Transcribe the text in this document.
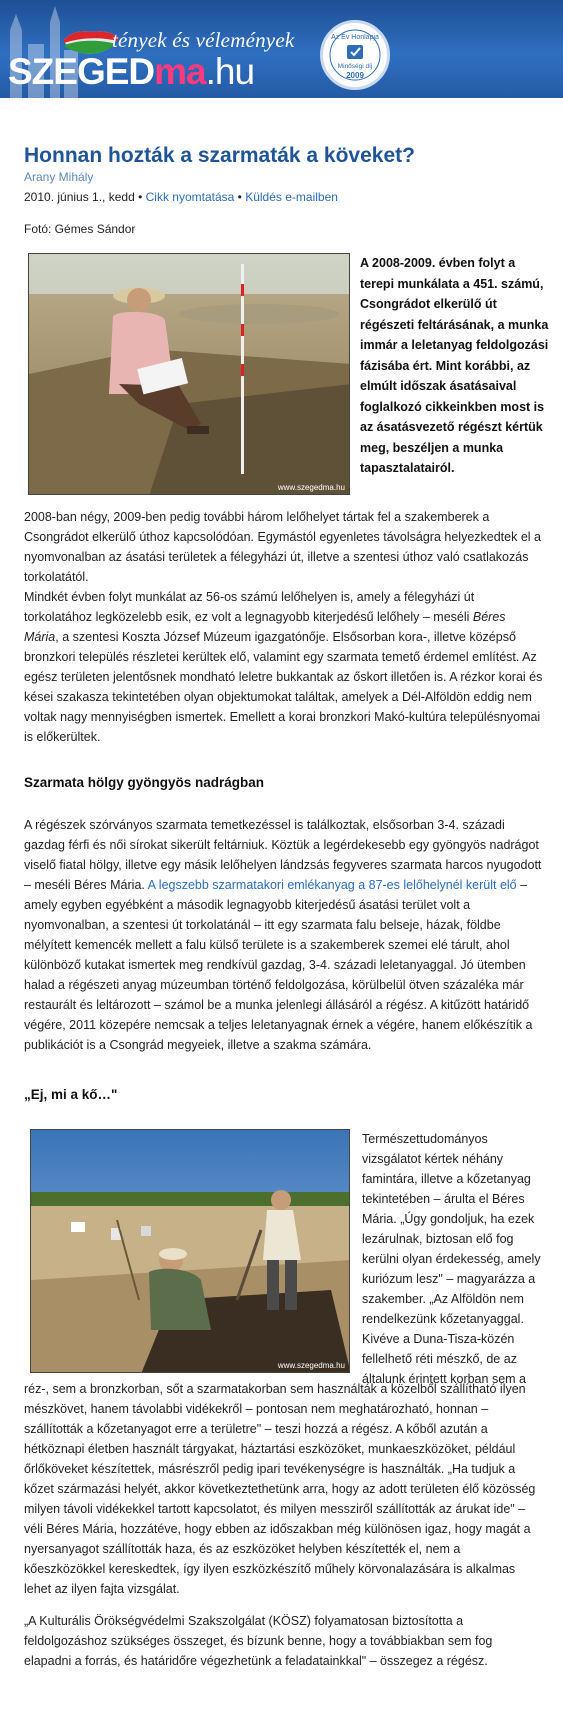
tények és vélemények
SZEGEDma.hu
Az Év Honlapja
Minőségi díj
2009
Honnan hozták a szarmaták a köveket?
Arany Mihály
2010. június 1., kedd • Cikk nyomtatása • Küldés e-mailben
Fotó: Gémes Sándor
www.szegedma.hu
A 2008-2009. évben folyt a terepi munkálata a 451. számú, Csongrádot elkerülő út régészeti feltárásának, a munka immár a leletanyag feldolgozási fázisába ért. Mint korábbi, az elmúlt időszak ásatásaival foglalkozó cikkeinkben most is az ásatásvezető régészt kértük meg, beszéljen a munka tapasztalatairól.
2008-ban négy, 2009-ben pedig további három lelőhelyet tártak fel a szakemberek a Csongrádot elkerülő úthoz kapcsolódóan. Egymástól egyenletes távolságra helyezkedtek el a nyomvonalban az ásatási területek a félegyházi út, illetve a szentesi úthoz való csatlakozás torkolatától.
Mindkét évben folyt munkálat az 56-os számú lelőhelyen is, amely a félegyházi út torkolatához legközelebb esik, ez volt a legnagyobb kiterjedésű lelőhely – meséli Béres Mária, a szentesi Koszta József Múzeum igazgatónője. Elsősorban kora-, illetve középső bronzkori település részletei kerültek elő, valamint egy szarmata temető érdemel említést. Az egész területen jelentősnek mondható leletre bukkantak az őskort illetően is. A rézkor korai és kései szakasza tekintetében olyan objektumokat találtak, amelyek a Dél-Alföldön eddig nem voltak nagy mennyiségben ismertek. Emellett a korai bronzkori Makó-kultúra településnyomai is előkerültek.
Szarmata hölgy gyöngyös nadrágban
A régészek szórványos szarmata temetkezéssel is találkoztak, elsősorban 3-4. századi gazdag férfi és női sírokat sikerült feltárniuk. Köztük a legérdekesebb egy gyöngyös nadrágot viselő fiatal hölgy, illetve egy másik lelőhelyen lándzsás fegyveres szarmata harcos nyugodott – meséli Béres Mária. A legszebb szarmatakori emlékanyag a 87-es lelőhelynél került elő – amely egyben egyébként a második legnagyobb kiterjedésű ásatási terület volt a nyomvonalban, a szentesi út torkolatánál – itt egy szarmata falu belseje, házak, földbe mélyített kemencék mellett a falu külső területe is a szakemberek szemei elé tárult, ahol különböző kutakat ismertek meg rendkívül gazdag, 3-4. századi leletanyaggal. Jó ütemben halad a régészeti anyag múzeumban történő feldolgozása, körülbelül ötven százaléka már restaurált és leltározott – számol be a munka jelenlegi állásáról a régész. A kitűzött határidő végére, 2011 közepére nemcsak a teljes leletanyagnak érnek a végére, hanem előkészítik a publikációt is a Csongrád megyeiek, illetve a szakma számára.
„Ej, mi a kő…"
www.szegedma.hu
Természettudományos vizsgálatot kértek néhány famintára, illetve a kőzetanyag tekintetében – árulta el Béres Mária. „Úgy gondoljuk, ha ezek lezárulnak, biztosan elő fog kerülni olyan érdekesség, amely kuriózum lesz" – magyarázza a szakember. „Az Alföldön nem rendelkezünk kőzetanyaggal. Kivéve a Duna-Tisza-közén fellelhető réti mészkő, de az általunk érintett korban sem a
réz-, sem a bronzkorban, sőt a szarmatakorban sem használták a közelből szállítható ilyen mészkövet, hanem távolabbi vidékekről – pontosan nem meghatározható, honnan – szállították a kőzetanyagot erre a területre" – teszi hozzá a régész. A kőből azután a hétköznapi életben használt tárgyakat, háztartási eszközöket, munkaeszközöket, például őrlőköveket készítettek, másrészről pedig ipari tevékenységre is használták. „Ha tudjuk a kőzet származási helyét, akkor következtethetünk arra, hogy az adott területen élő közösség milyen távoli vidékekkel tartott kapcsolatot, és milyen messziről szállították az árukat ide" – véli Béres Mária, hozzátéve, hogy ebben az időszakban még különösen igaz, hogy magát a nyersanyagot szállították haza, és az eszközöket helyben készítették el, nem a kőeszközökkel kereskedtek, így ilyen eszközkészítő műhely körvonalazására is alkalmas lehet az ilyen fajta vizsgálat.
„A Kulturális Örökségvédelmi Szakszolgálat (KÖSZ) folyamatosan biztosította a feldolgozáshoz szükséges összeget, és bízunk benne, hogy a továbbiakban sem fog elapadni a forrás, és határidőre végezhetünk a feladatainkkal" – összegez a régész.
